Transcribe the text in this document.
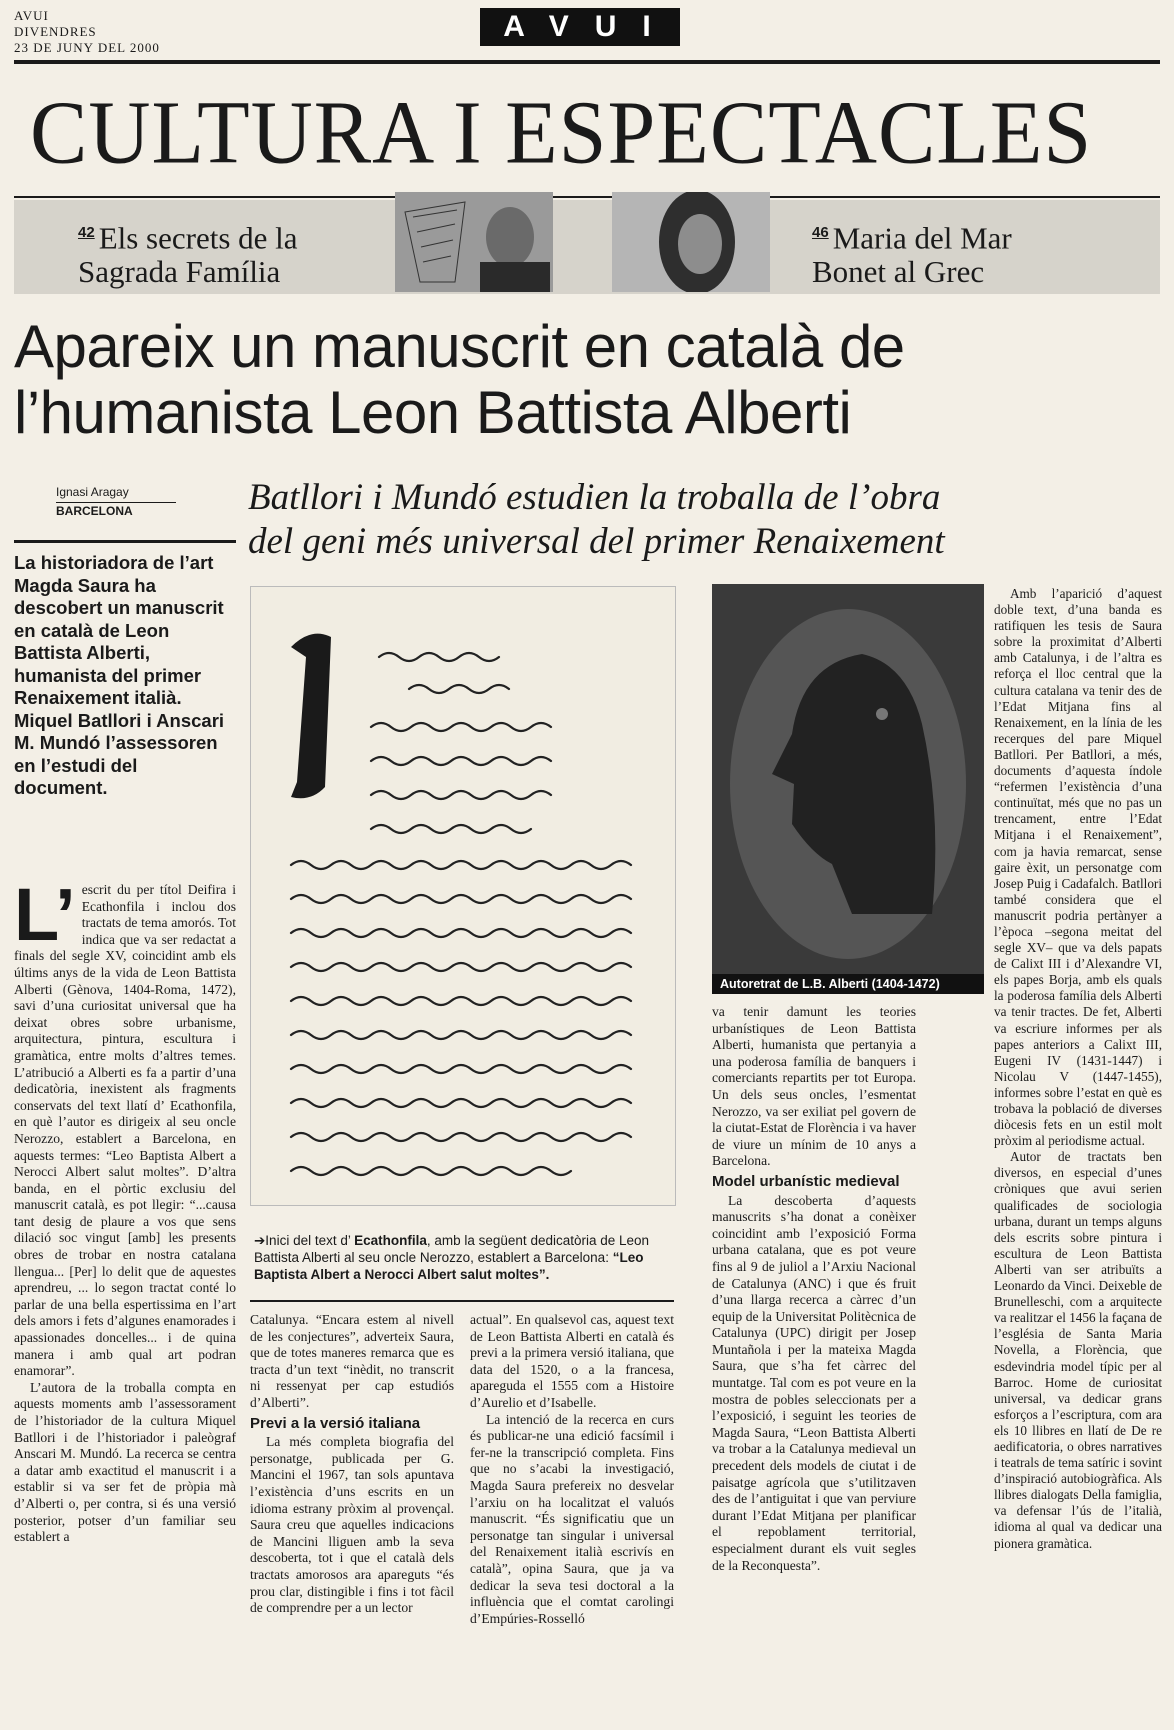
AVUI
DIVENDRES
23 DE JUNY DEL 2000
AVUI
CULTURA I ESPECTACLES
$^{42}$ Els secrets de la
Sagrada Família
$^{46}$ Maria del Mar
Bonet al Grec
Apareix un manuscrit en català de
l’humanista Leon Battista Alberti
Ignasi Aragay
BARCELONA	Batllori i Mundó estudien la troballa de l’obra
del geni més universal del primer Renaixement
La historiadora de l’art Magda Saura ha descobert un manuscrit en català de Leon Battista Alberti, humanista del primer Renaixement italià. Miquel Batllori i Anscari M. Mundó l’assessoren en l’estudi del document.
L’ escrit du per títol Deifira i Ecathonfila i inclou dos tractats de tema amorós. Tot indica que va ser redactat a finals del segle XV, coincidint amb els últims anys de la vida de Leon Battista Alberti (Gènova, 1404-Roma, 1472), savi d’una curiositat universal que ha deixat obres sobre urbanisme, arquitectura, pintura, escultura i gramàtica, entre molts d’altres temes. L’atribució a Alberti es fa a partir d’una dedicatòria, inexistent als fragments conservats del text llatí d’ Ecathonfila, en què l’autor es dirigeix al seu oncle Nerozzo, establert a Barcelona, en aquests termes: “Leo Baptista Albert a Nerocci Albert salut moltes”. D’altra banda, en el pòrtic exclusiu del manuscrit català, es pot llegir: “...causa tant desig de plaure a vos que sens dilació soc vingut [amb] les presents obres de trobar en nostra catalana llengua... [Per] lo delit que de aquestes aprendreu, ... lo segon tractat conté lo parlar de una bella espertissima en l’art dels amors i fets d’algunes enamorades i apassionades doncelles... i de quina manera i amb qual art podran enamorar”.

L’autora de la troballa compta en aquests moments amb l’assessorament de l’historiador de la cultura Miquel Batllori i de l’historiador i paleògraf Anscari M. Mundó. La recerca se centra a datar amb exactitud el manuscrit i a establir si va ser fet de pròpia mà d’Alberti o, per contra, si és una versió posterior, potser d’un familiar seu establert a

➔Inici del text d’ Ecathonfila, amb la següent dedicatòria de Leon Battista Alberti al seu oncle Nerozzo, establert a Barcelona: “Leo Baptista Albert a Nerocci Albert salut moltes”.

Catalunya. “Encara estem al nivell de les conjectures”, adverteix Saura, que de totes maneres remarca que es tracta d’un text “inèdit, no transcrit ni ressenyat per cap estudiós d’Alberti”.

Previ a la versió italiana

La més completa biografia del personatge, publicada per G. Mancini el 1967, tan sols apuntava l’existència d’uns escrits en un idioma estrany pròxim al provençal. Saura creu que aquelles indicacions de Mancini lliguen amb la seva descoberta, tot i que el català dels tractats amorosos ara apareguts “és prou clar, distingible i fins i tot fàcil de comprendre per a un lector

actual”. En qualsevol cas, aquest text de Leon Battista Alberti en català és previ a la primera versió italiana, que data del 1520, o a la francesa, apareguda el 1555 com a Histoire d’Aurelio et d’Isabelle.

La intenció de la recerca en curs és publicar-ne una edició facsímil i fer-ne la transcripció completa. Fins que no s’acabi la investigació, Magda Saura prefereix no desvelar l’arxiu on ha localitzat el valuós manuscrit. “És significatiu que un personatge tan singular i universal del Renaixement italià escrivís en català”, opina Saura, que ja va dedicar la seva tesi doctoral a la influència que el comtat carolingi d’Empúries-Rosselló

Autoretrat de L.B. Alberti (1404-1472)

va tenir damunt les teories urbanístiques de Leon Battista Alberti, humanista que pertanyia a una poderosa família de banquers i comerciants repartits per tot Europa. Un dels seus oncles, l’esmentat Nerozzo, va ser exiliat pel govern de la ciutat-Estat de Florència i va haver de viure un mínim de 10 anys a Barcelona.

Model urbanístic medieval

La descoberta d’aquests manuscrits s’ha donat a conèixer coincidint amb l’exposició Forma urbana catalana, que es pot veure fins al 9 de juliol a l’Arxiu Nacional de Catalunya (ANC) i que és fruit d’una llarga recerca a càrrec d’un equip de la Universitat Politècnica de Catalunya (UPC) dirigit per Josep Muntañola i per la mateixa Magda Saura, que s’ha fet càrrec del muntatge. Tal com es pot veure en la mostra de pobles seleccionats per a l’exposició, i seguint les teories de Magda Saura, “Leon Battista Alberti va trobar a la Catalunya medieval un precedent dels models de ciutat i de paisatge agrícola que s’utilitzaven des de l’antiguitat i que van perviure durant l’Edat Mitjana per planificar el repoblament territorial, especialment durant els vuit segles de la Reconquesta”.

Amb l’aparició d’aquest doble text, d’una banda es ratifiquen les tesis de Saura sobre la proximitat d’Alberti amb Catalunya, i de l’altra es reforça el lloc central que la cultura catalana va tenir des de l’Edat Mitjana fins al Renaixement, en la línia de les recerques del pare Miquel Batllori. Per Batllori, a més, documents d’aquesta índole “refermen l’existència d’una continuïtat, més que no pas un trencament, entre l’Edat Mitjana i el Renaixement”, com ja havia remarcat, sense gaire èxit, un personatge com Josep Puig i Cadafalch. Batllori també considera que el manuscrit podria pertànyer a l’època –segona meitat del segle XV– que va dels papats de Calixt III i d’Alexandre VI, els papes Borja, amb els quals la poderosa família dels Alberti va tenir tractes. De fet, Alberti va escriure informes per als papes anteriors a Calixt III, Eugeni IV (1431-1447) i Nicolau V (1447-1455), informes sobre l’estat en què es trobava la població de diverses diòcesis fets en un estil molt pròxim al periodisme actual.

Autor de tractats ben diversos, en especial d’unes cròniques que avui serien qualificades de sociologia urbana, durant un temps alguns dels escrits sobre pintura i escultura de Leon Battista Alberti van ser atribuïts a Leonardo da Vinci. Deixeble de Brunelleschi, com a arquitecte va realitzar el 1456 la façana de l’església de Santa Maria Novella, a Florència, que esdevindria model típic per al Barroc. Home de curiositat universal, va dedicar grans esforços a l’escriptura, com ara els 10 llibres en llatí de De re aedificatoria, o obres narratives i teatrals de tema satíric i sovint d’inspiració autobiogràfica. Als llibres dialogats Della famiglia, va defensar l’ús de l’italià, idioma al qual va dedicar una pionera gramàtica.
